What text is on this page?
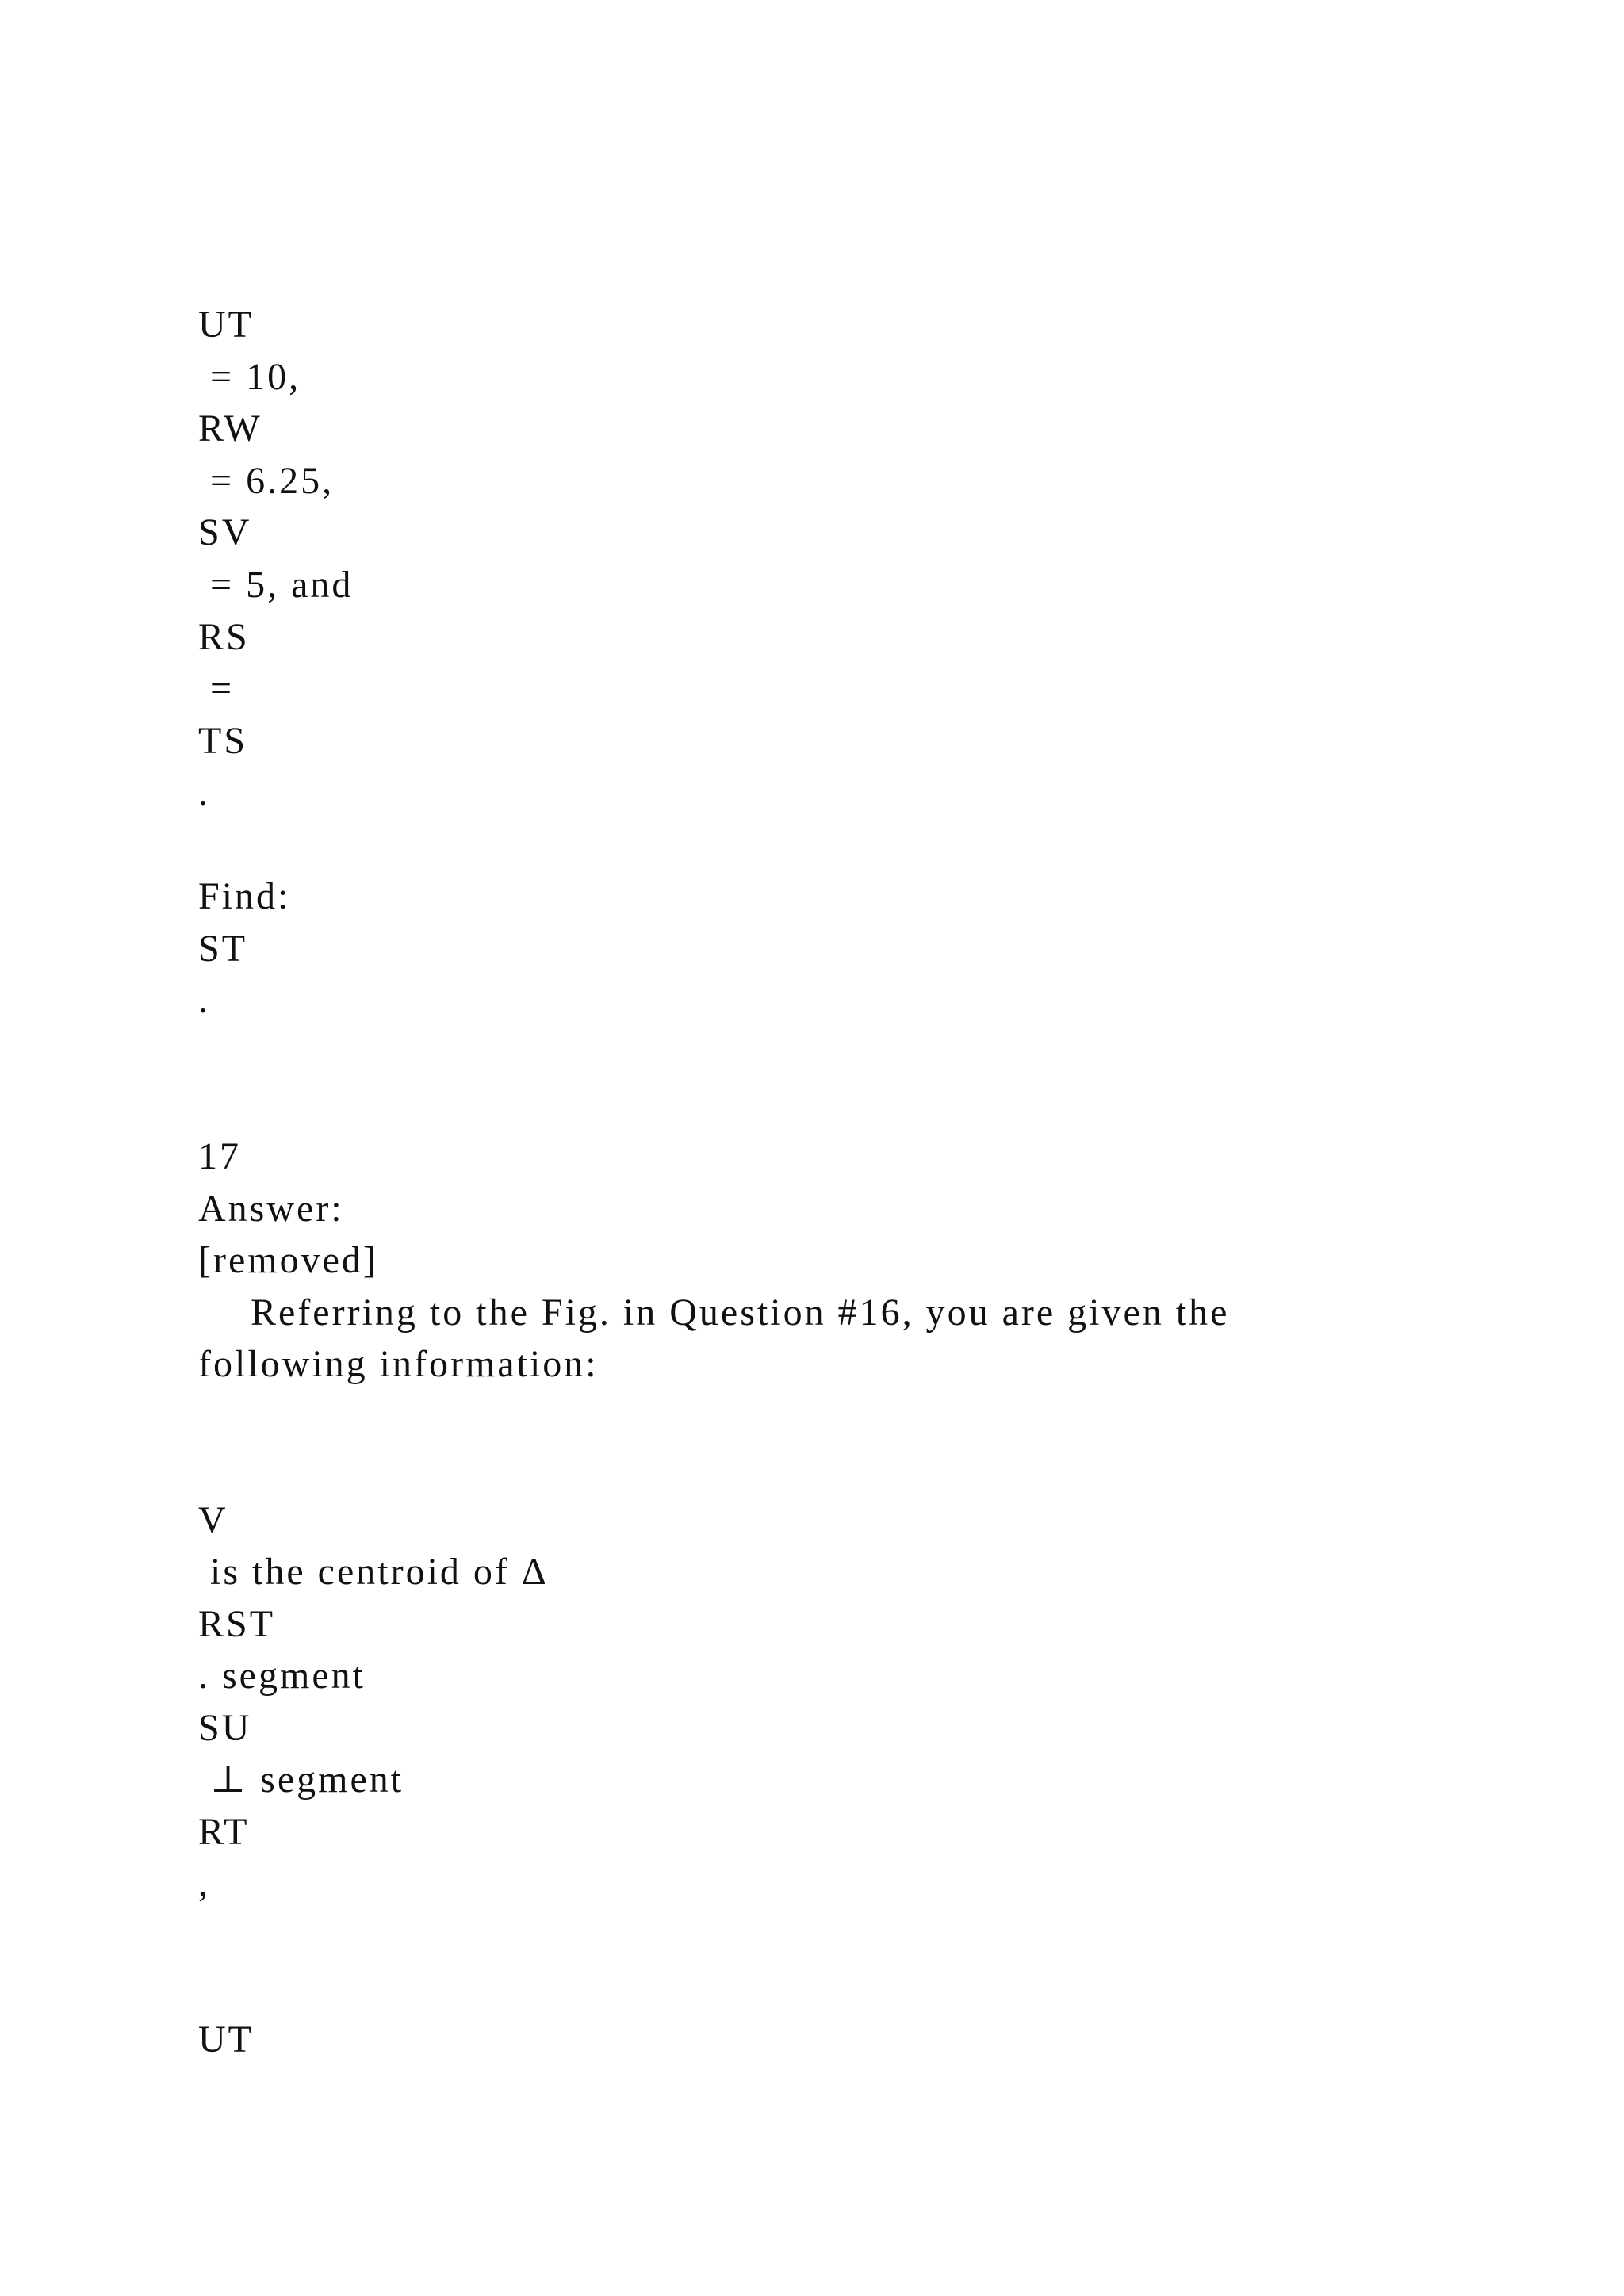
UT
= 10,
RW
= 6.25,
SV
= 5, and
RS
=
TS
.
Find:
ST
.
17
Answer:
[removed]
Referring to the Fig. in Question #16, you are given the
following information:
V
is the centroid of Δ
RST
. segment
SU
⊥ segment
RT
,
UT
